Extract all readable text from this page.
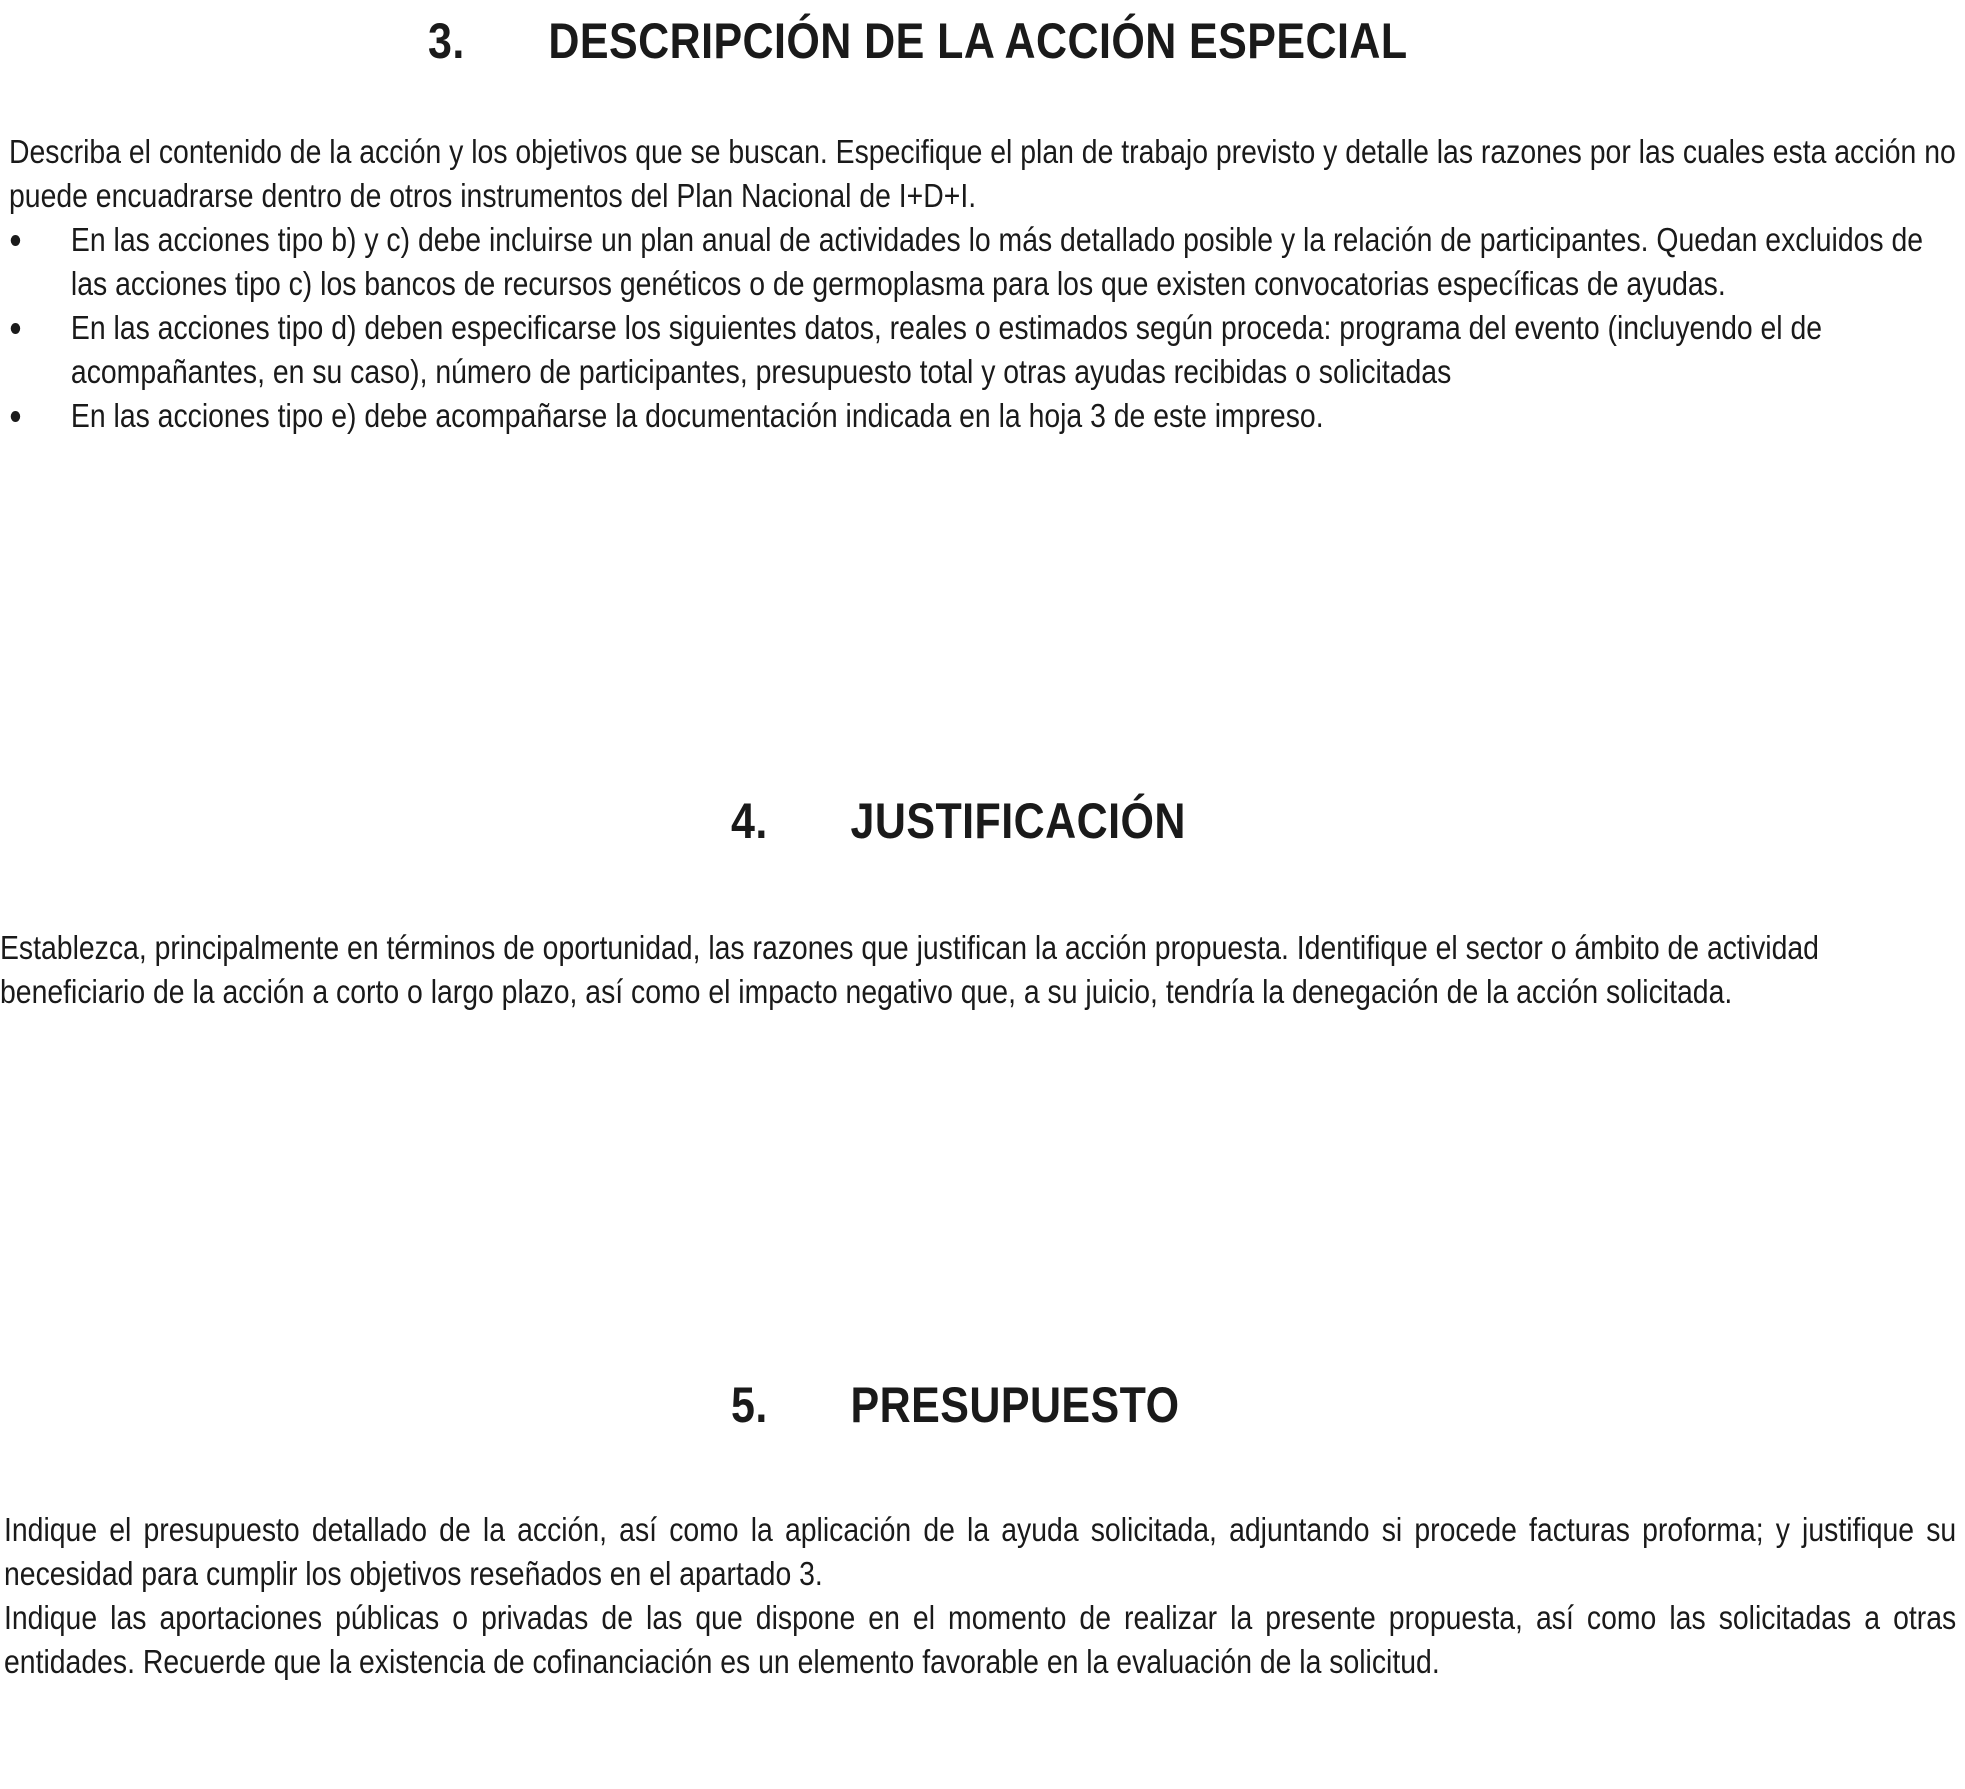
3. DESCRIPCIÓN DE LA ACCIÓN ESPECIAL

Describa el contenido de la acción y los objetivos que se buscan. Especifique el plan de trabajo previsto y detalle las razones por las cuales esta acción no puede encuadrarse dentro de otros instrumentos del Plan Nacional de I+D+I.

En las acciones tipo b) y c) debe incluirse un plan anual de actividades lo más detallado posible y la relación de participantes. Quedan excluidos de las acciones tipo c) los bancos de recursos genéticos o de germoplasma para los que existen convocatorias específicas de ayudas.
En las acciones tipo d) deben especificarse los siguientes datos, reales o estimados según proceda: programa del evento (incluyendo el de acompañantes, en su caso), número de participantes, presupuesto total y otras ayudas recibidas o solicitadas
En las acciones tipo e) debe acompañarse la documentación indicada en la hoja 3 de este impreso.
4. JUSTIFICACIÓN

Establezca, principalmente en términos de oportunidad, las razones que justifican la acción propuesta. Identifique el sector o ámbito de actividad beneficiario de la acción a corto o largo plazo, así como el impacto negativo que, a su juicio, tendría la denegación de la acción solicitada.

5. PRESUPUESTO

Indique el presupuesto detallado de la acción, así como la aplicación de la ayuda solicitada, adjuntando si procede facturas proforma; y justifique su necesidad para cumplir los objetivos reseñados en el apartado 3.

Indique las aportaciones públicas o privadas de las que dispone en el momento de realizar la presente propuesta, así como las solicitadas a otras entidades. Recuerde que la existencia de cofinanciación es un elemento favorable en la evaluación de la solicitud.
